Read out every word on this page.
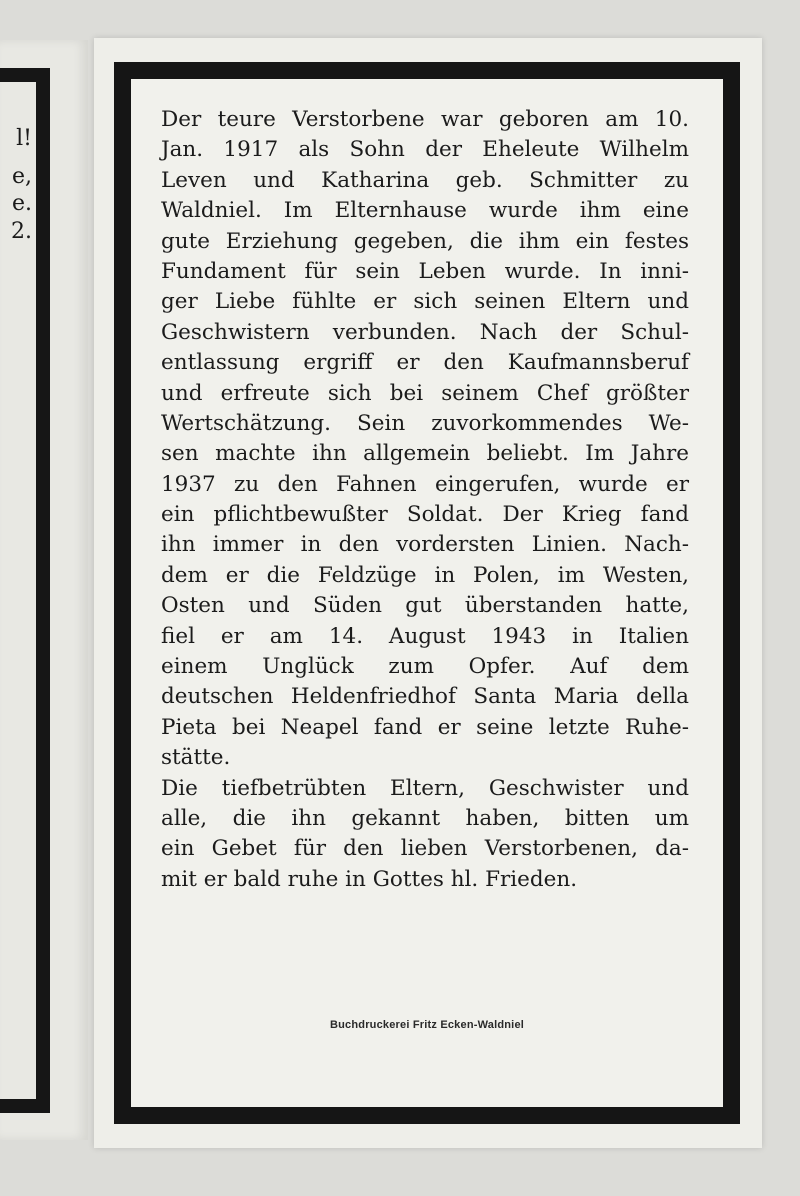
l!
e,
e.
2.
Der teure Verstorbene war geboren am 10.
Jan. 1917 als Sohn der Eheleute Wilhelm
Leven und Katharina geb. Schmitter zu
Waldniel. Im Elternhause wurde ihm eine
gute Erziehung gegeben, die ihm ein festes
Fundament für sein Leben wurde. In inni-
ger Liebe fühlte er sich seinen Eltern und
Geschwistern verbunden. Nach der Schul-
entlassung ergriff er den Kaufmannsberuf
und erfreute sich bei seinem Chef größter
Wertschätzung. Sein zuvorkommendes We-
sen machte ihn allgemein beliebt. Im Jahre
1937 zu den Fahnen eingerufen, wurde er
ein pflichtbewußter Soldat. Der Krieg fand
ihn immer in den vordersten Linien. Nach-
dem er die Feldzüge in Polen, im Westen,
Osten und Süden gut überstanden hatte,
fiel er am 14. August 1943 in Italien
einem Unglück zum Opfer. Auf dem
deutschen Heldenfriedhof Santa Maria della
Pieta bei Neapel fand er seine letzte Ruhe-
stätte.
Die tiefbetrübten Eltern, Geschwister und
alle, die ihn gekannt haben, bitten um
ein Gebet für den lieben Verstorbenen, da-
mit er bald ruhe in Gottes hl. Frieden.
Buchdruckerei Fritz Ecken-Waldniel
